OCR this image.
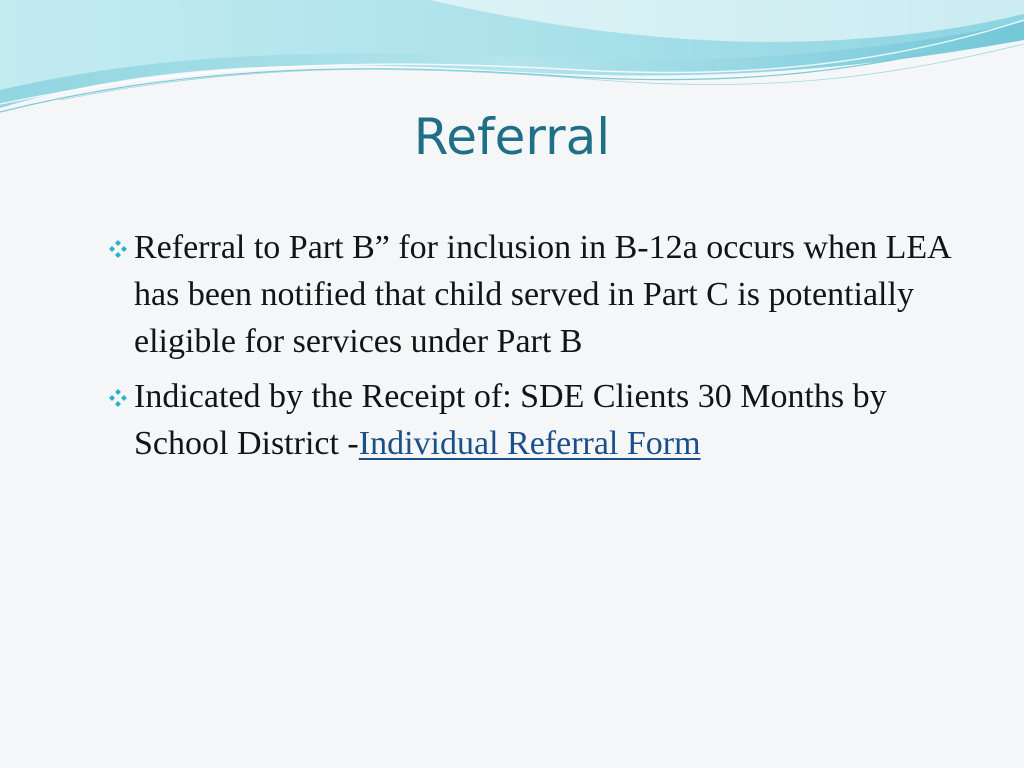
Referral
Referral to Part B” for inclusion in B-12a occurs when LEA has been notified that child served in Part C is potentially eligible for services under Part B
Indicated by the Receipt of: SDE Clients 30 Months by School District -Individual Referral Form
